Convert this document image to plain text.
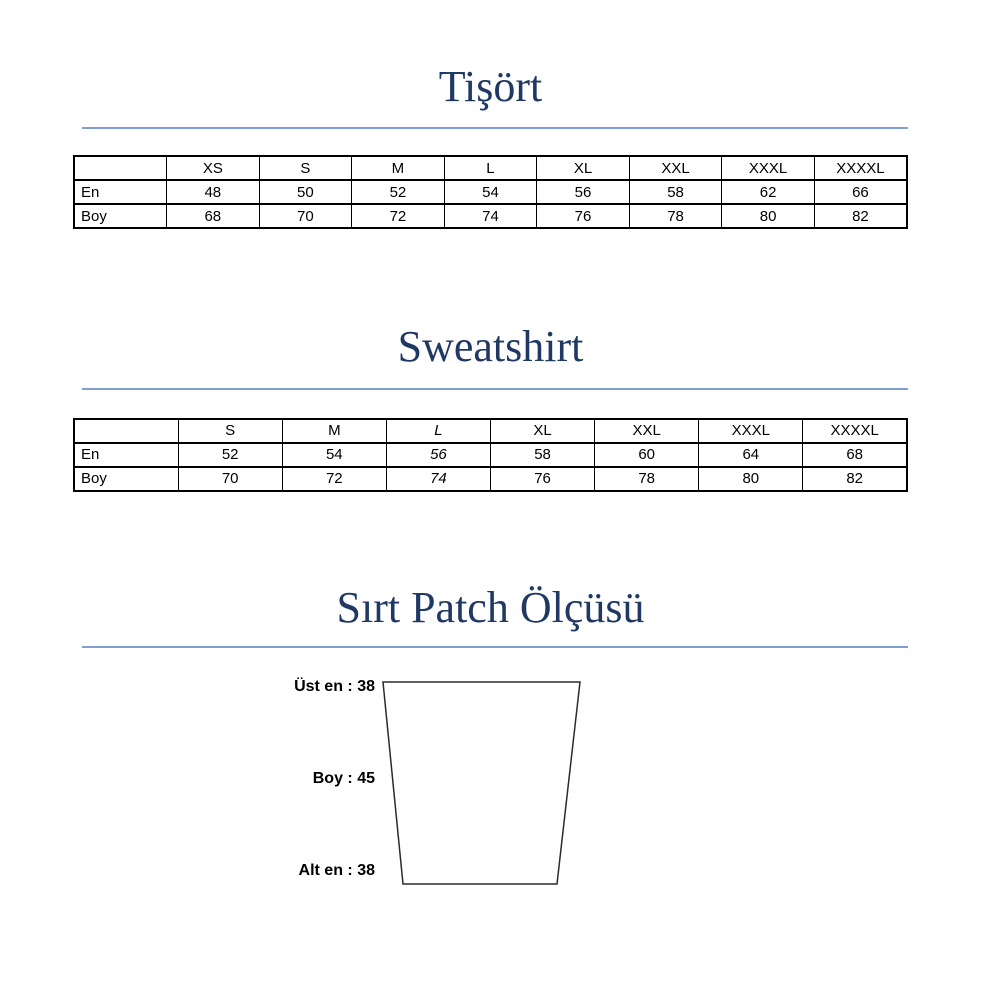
Tişört
	XS	S	M	L	XL	XXL	XXXL	XXXXL
En	48	50	52	54	56	58	62	66
Boy	68	70	72	74	76	78	80	82
Sweatshirt
	S	M	L	XL	XXL	XXXL	XXXXL
En	52	54	56	58	60	64	68
Boy	70	72	74	76	78	80	82
Sırt Patch Ölçüsü
Üst en : 38
Boy : 45
Alt en : 38
